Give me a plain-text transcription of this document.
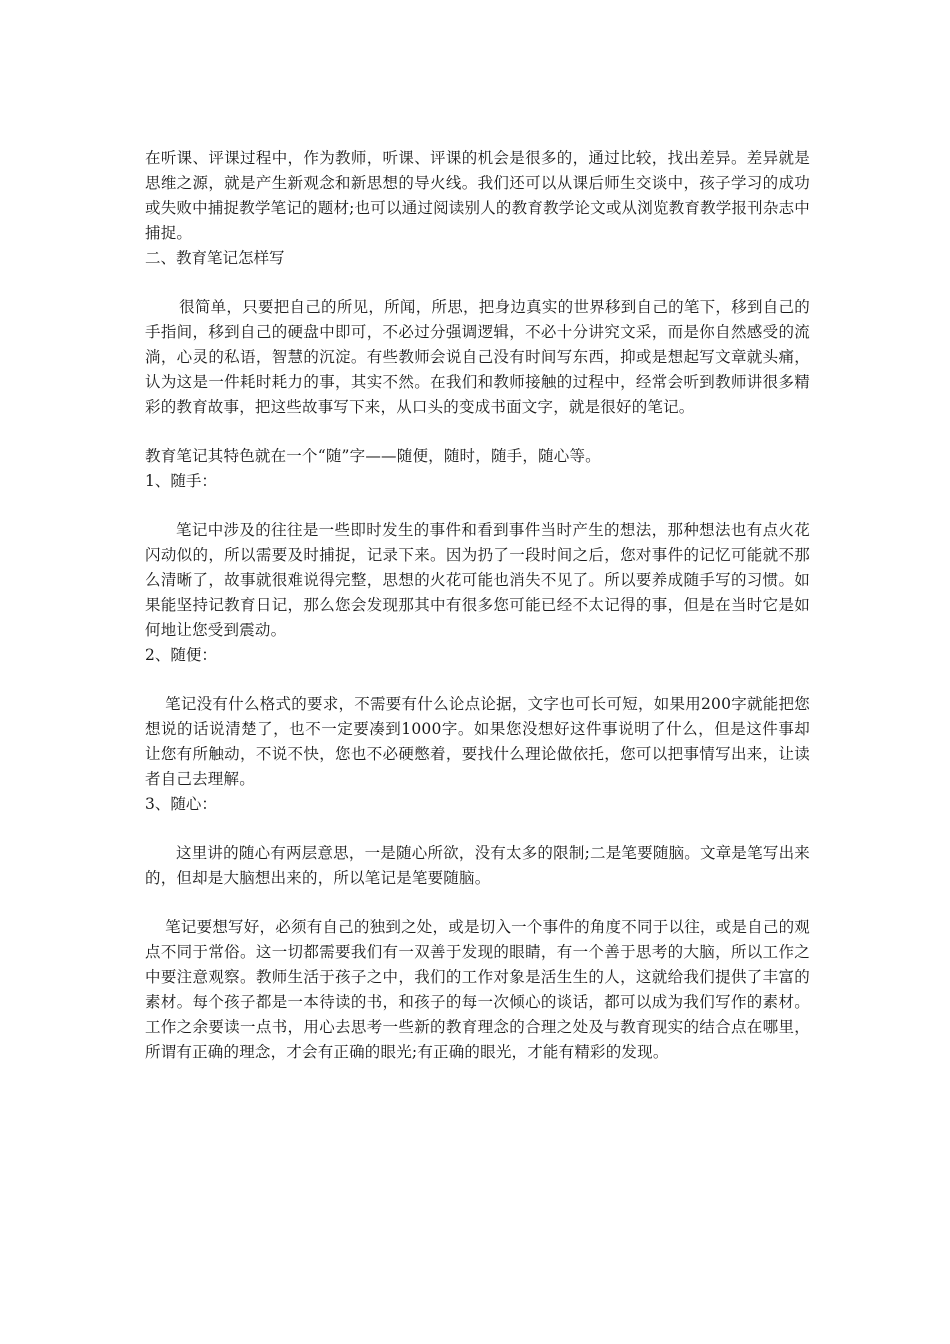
在听课、评课过程中，作为教师，听课、评课的机会是很多的，通过比较，找出差异。差异就是思维之源，就是产生新观念和新思想的导火线。我们还可以从课后师生交谈中，孩子学习的成功或失败中捕捉教学笔记的题材;也可以通过阅读别人的教育教学论文或从浏览教育教学报刊杂志中捕捉。

二、教育笔记怎样写

很简单，只要把自己的所见，所闻，所思，把身边真实的世界移到自己的笔下，移到自己的手指间，移到自己的硬盘中即可，不必过分强调逻辑，不必十分讲究文采，而是你自然感受的流淌，心灵的私语，智慧的沉淀。有些教师会说自己没有时间写东西，抑或是想起写文章就头痛，认为这是一件耗时耗力的事，其实不然。在我们和教师接触的过程中，经常会听到教师讲很多精彩的教育故事，把这些故事写下来，从口头的变成书面文字，就是很好的笔记。

教育笔记其特色就在一个“随”字——随便，随时，随手，随心等。

1、随手：

笔记中涉及的往往是一些即时发生的事件和看到事件当时产生的想法，那种想法也有点火花闪动似的，所以需要及时捕捉，记录下来。因为扔了一段时间之后，您对事件的记忆可能就不那么清晰了，故事就很难说得完整，思想的火花可能也消失不见了。所以要养成随手写的习惯。如果能坚持记教育日记，那么您会发现那其中有很多您可能已经不太记得的事，但是在当时它是如何地让您受到震动。

2、随便：

笔记没有什么格式的要求，不需要有什么论点论据，文字也可长可短，如果用200字就能把您想说的话说清楚了，也不一定要凑到1000字。如果您没想好这件事说明了什么，但是这件事却让您有所触动，不说不快，您也不必硬憋着，要找什么理论做依托，您可以把事情写出来，让读者自己去理解。

3、随心：

这里讲的随心有两层意思，一是随心所欲，没有太多的限制;二是笔要随脑。文章是笔写出来的，但却是大脑想出来的，所以笔记是笔要随脑。

笔记要想写好，必须有自己的独到之处，或是切入一个事件的角度不同于以往，或是自己的观点不同于常俗。这一切都需要我们有一双善于发现的眼睛，有一个善于思考的大脑，所以工作之中要注意观察。教师生活于孩子之中，我们的工作对象是活生生的人，这就给我们提供了丰富的素材。每个孩子都是一本待读的书，和孩子的每一次倾心的谈话，都可以成为我们写作的素材。工作之余要读一点书，用心去思考一些新的教育理念的合理之处及与教育现实的结合点在哪里，所谓有正确的理念，才会有正确的眼光;有正确的眼光，才能有精彩的发现。
